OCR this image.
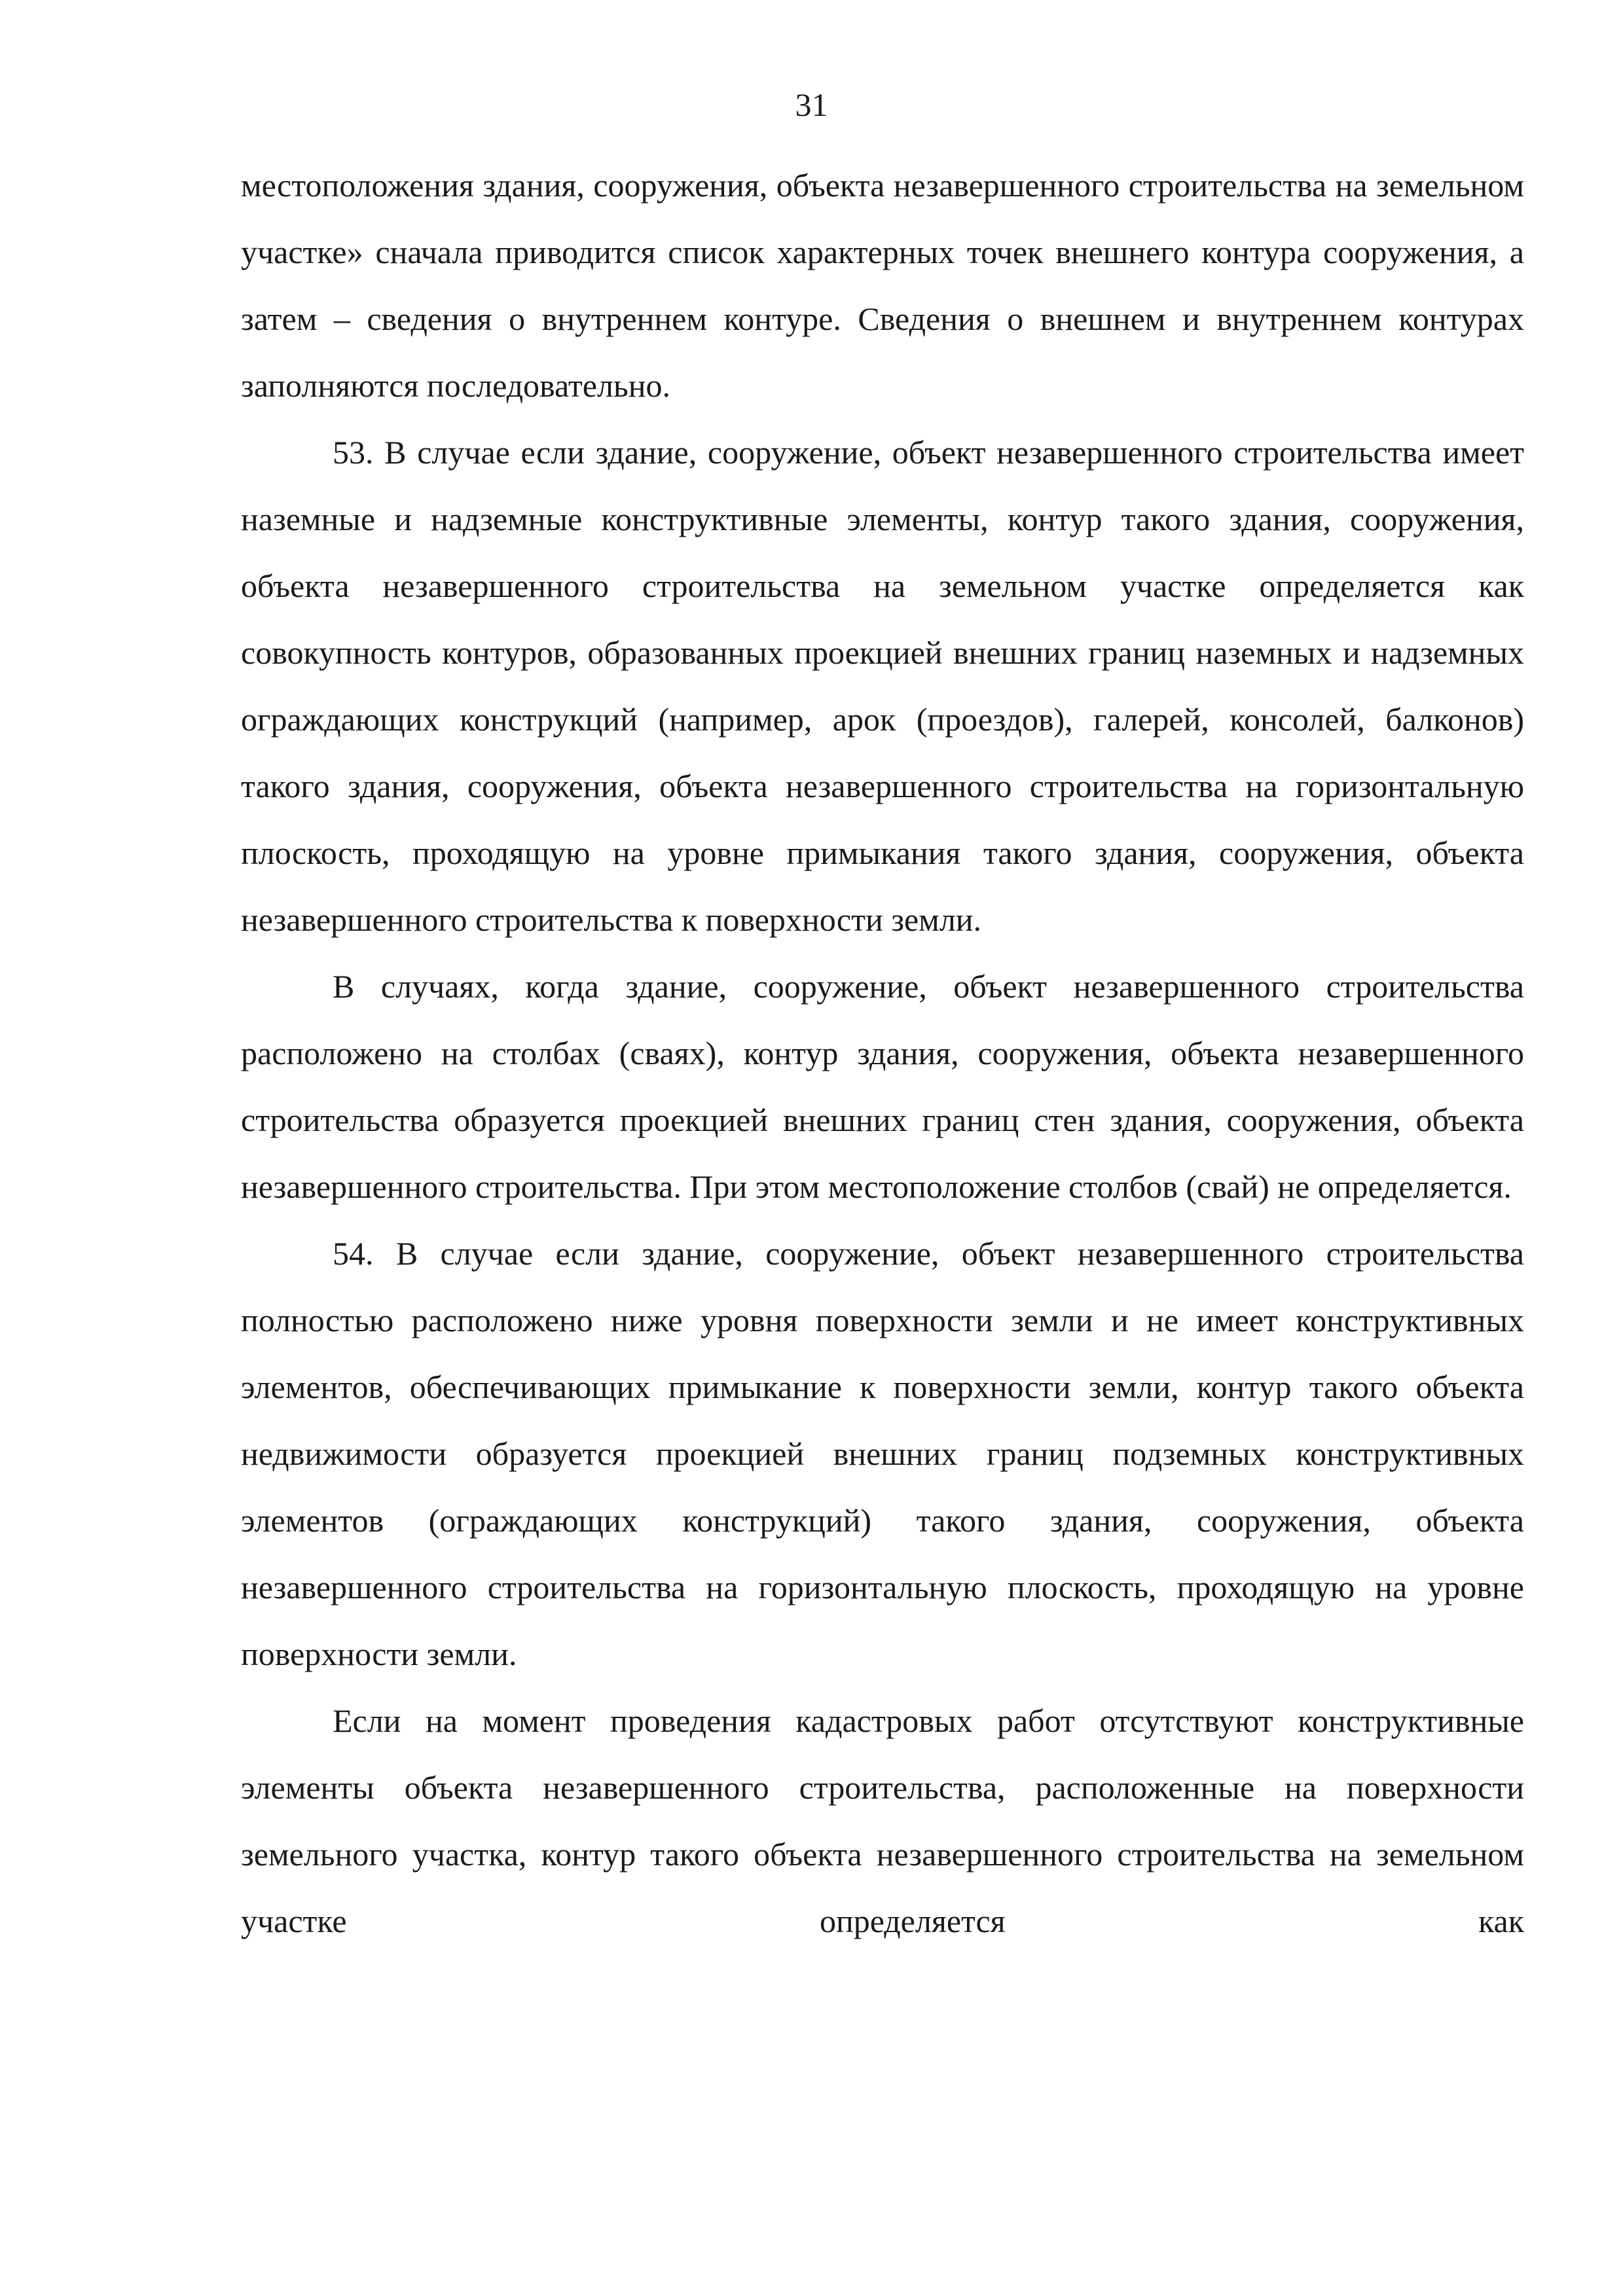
31

местоположения здания, сооружения, объекта незавершенного строительства на земельном участке» сначала приводится список характерных точек внешнего контура сооружения, а затем – сведения о внутреннем контуре. Сведения о внешнем и внутреннем контурах заполняются последовательно.

53. В случае если здание, сооружение, объект незавершенного строительства имеет наземные и надземные конструктивные элементы, контур такого здания, сооружения, объекта незавершенного строительства на земельном участке определяется как совокупность контуров, образованных проекцией внешних границ наземных и надземных ограждающих конструкций (например, арок (проездов), галерей, консолей, балконов) такого здания, сооружения, объекта незавершенного строительства на горизонтальную плоскость, проходящую на уровне примыкания такого здания, сооружения, объекта незавершенного строительства к поверхности земли.

В случаях, когда здание, сооружение, объект незавершенного строительства расположено на столбах (сваях), контур здания, сооружения, объекта незавершенного строительства образуется проекцией внешних границ стен здания, сооружения, объекта незавершенного строительства. При этом местоположение столбов (свай) не определяется.

54. В случае если здание, сооружение, объект незавершенного строительства полностью расположено ниже уровня поверхности земли и не имеет конструктивных элементов, обеспечивающих примыкание к поверхности земли, контур такого объекта недвижимости образуется проекцией внешних границ подземных конструктивных элементов (ограждающих конструкций) такого здания, сооружения, объекта незавершенного строительства на горизонтальную плоскость, проходящую на уровне поверхности земли.

Если на момент проведения кадастровых работ отсутствуют конструктивные элементы объекта незавершенного строительства, расположенные на поверхности земельного участка, контур такого объекта незавершенного строительства на земельном участке определяется как
